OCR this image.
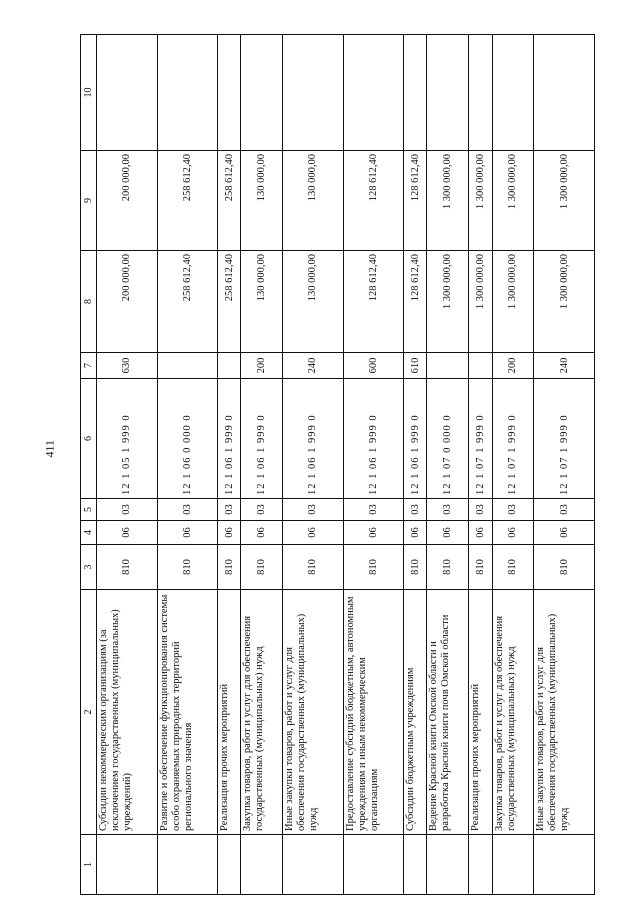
411
1	2	3	4	5	6	7	8	9	10
	Субсидии некоммерческим организациям (за исключением государственных (муниципальных) учреждений)	810	06	03	12 1 05 1 999 0	630	200 000,00	200 000,00	
	Развитие и обеспечение функционирования системы особо охраняемых природных территорий регионального значения	810	06	03	12 1 06 0 000 0		258 612,40	258 612,40	
	Реализация прочих мероприятий	810	06	03	12 1 06 1 999 0		258 612,40	258 612,40	
	Закупка товаров, работ и услуг для обеспечения государственных (муниципальных) нужд	810	06	03	12 1 06 1 999 0	200	130 000,00	130 000,00	
	Иные закупки товаров, работ и услуг для обеспечения государственных (муниципальных) нужд	810	06	03	12 1 06 1 999 0	240	130 000,00	130 000,00	
	Предоставление субсидий бюджетным, автономным учреждениям и иным некоммерческим организациям	810	06	03	12 1 06 1 999 0	600	128 612,40	128 612,40	
	Субсидии бюджетным учреждениям	810	06	03	12 1 06 1 999 0	610	128 612,40	128 612,40	
	Ведение Красной книги Омской области и разработка Красной книги почв Омской области	810	06	03	12 1 07 0 000 0		1 300 000,00	1 300 000,00	
	Реализация прочих мероприятий	810	06	03	12 1 07 1 999 0		1 300 000,00	1 300 000,00	
	Закупка товаров, работ и услуг для обеспечения государственных (муниципальных) нужд	810	06	03	12 1 07 1 999 0	200	1 300 000,00	1 300 000,00	
	Иные закупки товаров, работ и услуг для обеспечения государственных (муниципальных) нужд	810	06	03	12 1 07 1 999 0	240	1 300 000,00	1 300 000,00	
